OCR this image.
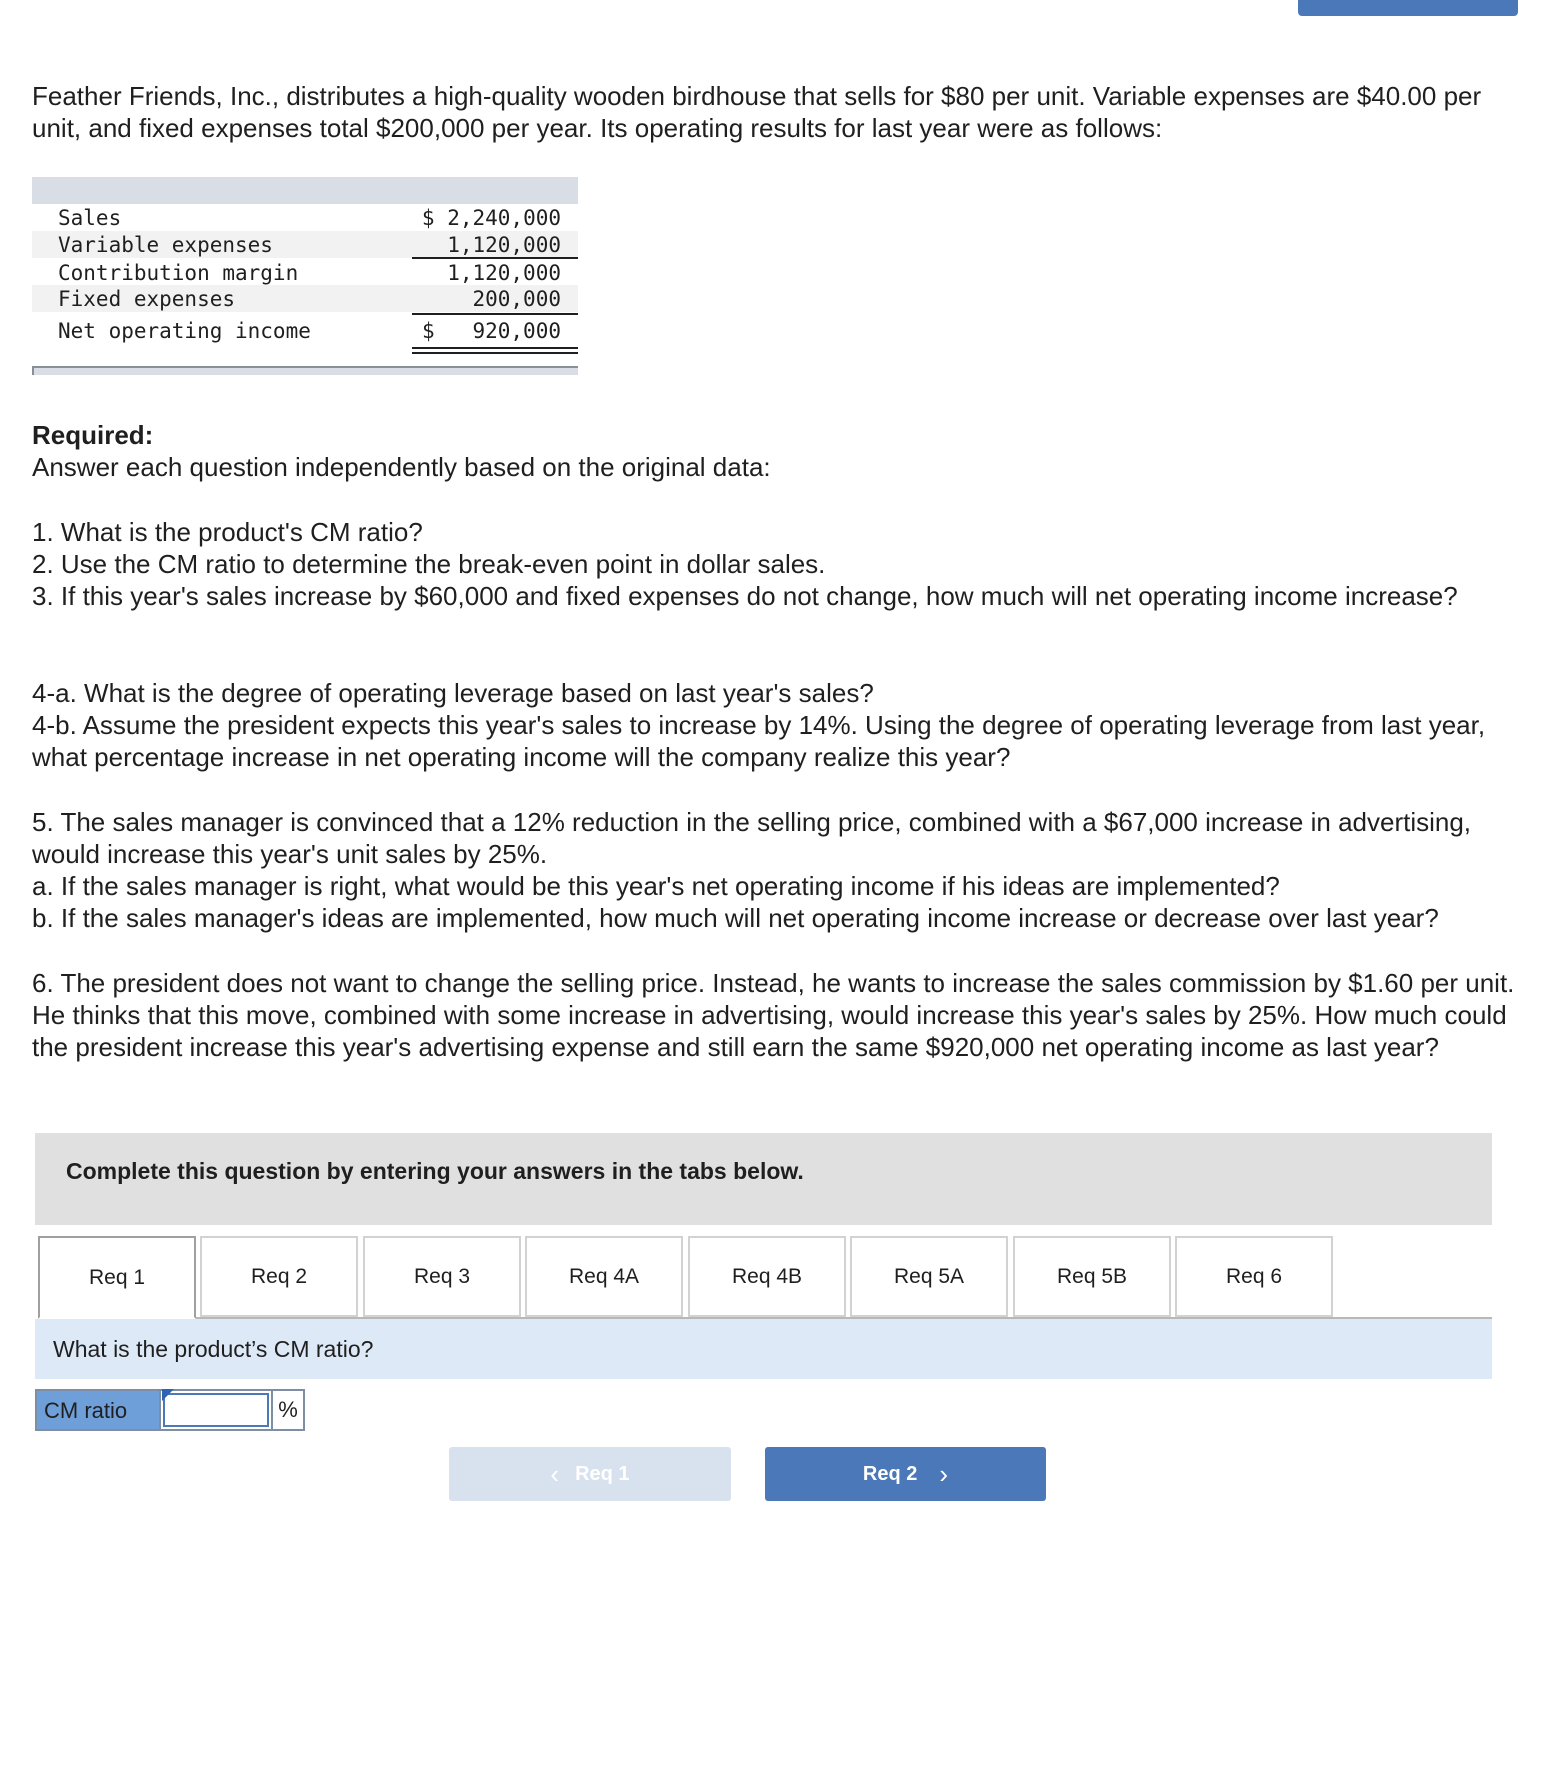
Feather Friends, Inc., distributes a high-quality wooden birdhouse that sells for $80 per unit. Variable expenses are $40.00 per unit, and fixed expenses total $200,000 per year. Its operating results for last year were as follows:

Sales	$ 2,240,000
Variable expenses	1,120,000
Contribution margin	1,120,000
Fixed expenses	200,000
Net operating income	$ 920,000

Required:

Answer each question independently based on the original data:

1. What is the product's CM ratio?
2. Use the CM ratio to determine the break-even point in dollar sales.
3. If this year's sales increase by $60,000 and fixed expenses do not change, how much will net operating income increase?
4-a. What is the degree of operating leverage based on last year's sales?
4-b. Assume the president expects this year's sales to increase by 14%. Using the degree of operating leverage from last year, what percentage increase in net operating income will the company realize this year?
5. The sales manager is convinced that a 12% reduction in the selling price, combined with a $67,000 increase in advertising, would increase this year's unit sales by 25%.
a. If the sales manager is right, what would be this year's net operating income if his ideas are implemented?
b. If the sales manager's ideas are implemented, how much will net operating income increase or decrease over last year?
6. The president does not want to change the selling price. Instead, he wants to increase the sales commission by $1.60 per unit. He thinks that this move, combined with some increase in advertising, would increase this year's sales by 25%. How much could the president increase this year's advertising expense and still earn the same $920,000 net operating income as last year?
Complete this question by entering your answers in the tabs below.
Req 1	Req 2	Req 3	Req 4A	Req 4B	Req 5A	Req 5B	Req 6
What is the product’s CM ratio?
CM ratio	%
‹ Req 1	Req 2 ›
